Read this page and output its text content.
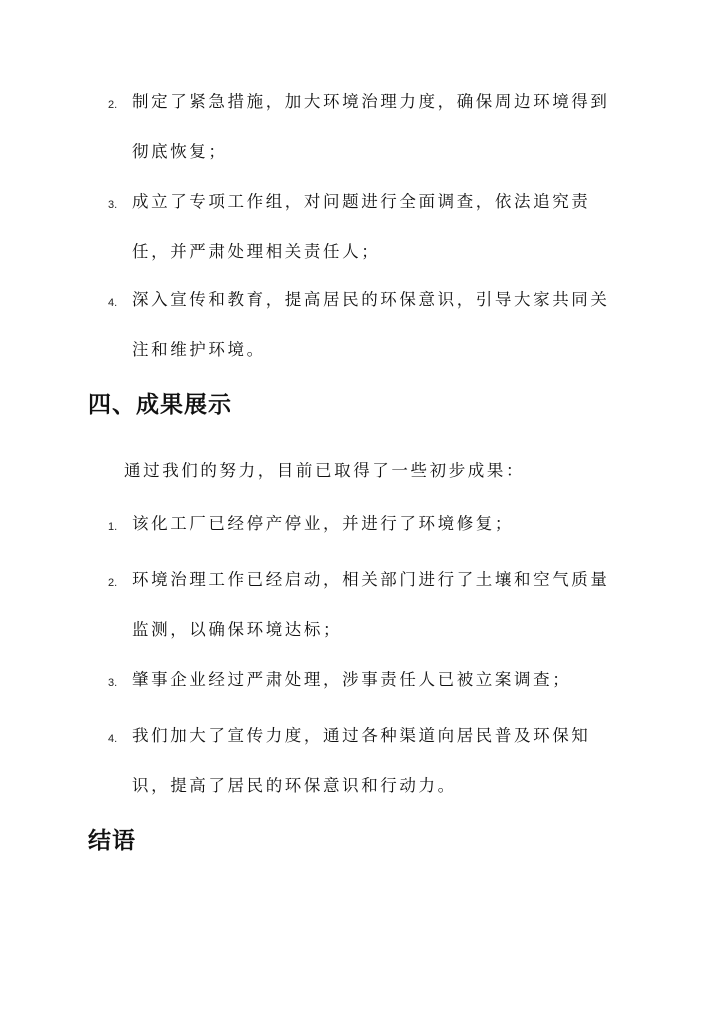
2. 制定了紧急措施，加大环境治理力度，确保周边环境得到彻底恢复；
3. 成立了专项工作组，对问题进行全面调查，依法追究责任，并严肃处理相关责任人；
4. 深入宣传和教育，提高居民的环保意识，引导大家共同关注和维护环境。
四、成果展示
通过我们的努力，目前已取得了一些初步成果：
1. 该化工厂已经停产停业，并进行了环境修复；
2. 环境治理工作已经启动，相关部门进行了土壤和空气质量监测，以确保环境达标；
3. 肇事企业经过严肃处理，涉事责任人已被立案调查；
4. 我们加大了宣传力度，通过各种渠道向居民普及环保知识，提高了居民的环保意识和行动力。
结语
